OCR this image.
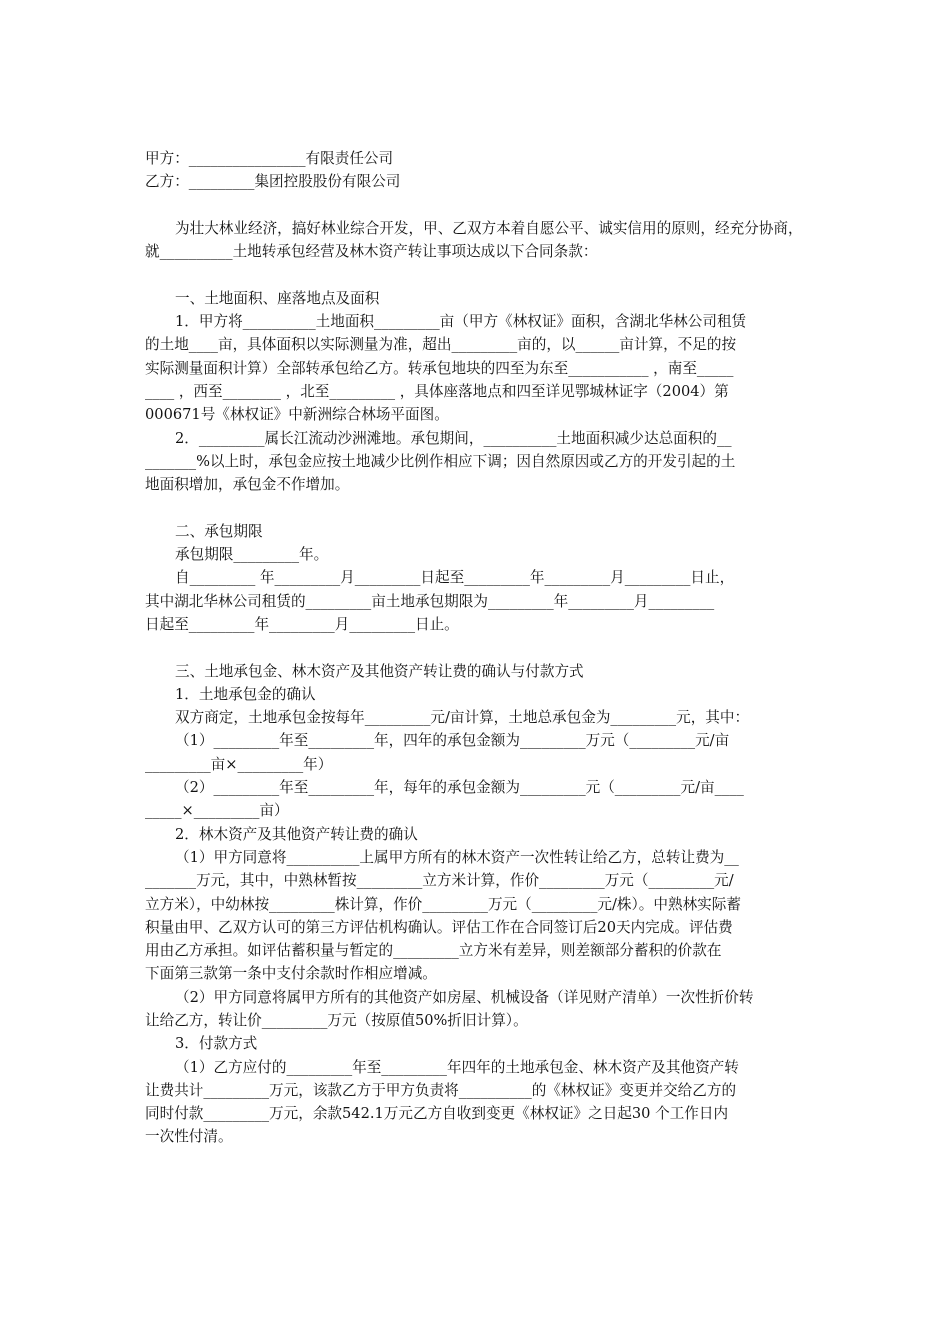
甲方：________________有限责任公司

乙方：_________集团控股股份有限公司

为壮大林业经济，搞好林业综合开发，甲、乙双方本着自愿公平、诚实信用的原则，经充分协商，就__________土地转承包经营及林木资产转让事项达成以下合同条款：

一、土地面积、座落地点及面积

1．甲方将__________土地面积_________亩（甲方《林权证》面积，含湖北华林公司租赁
的土地____亩，具体面积以实际测量为准，超出_________亩的，以______亩计算，不足的按
实际测量面积计算）全部转承包给乙方。转承包地块的四至为东至___________ ，南至_____
____ ，西至________ ，北至_________ ，具体座落地点和四至详见鄂城林证字（2004）第
000671号《林权证》中新洲综合林场平面图。
2．_________属长江流动沙洲滩地。承包期间，__________土地面积减少达总面积的__
_______%以上时，承包金应按土地减少比例作相应下调；因自然原因或乙方的开发引起的土
地面积增加，承包金不作增加。

二、承包期限

承包期限_________年。

自_________ 年_________月_________日起至_________年_________月_________日止，
其中湖北华林公司租赁的_________亩土地承包期限为_________年_________月_________
日起至_________年_________月_________日止。

三、土地承包金、林木资产及其他资产转让费的确认与付款方式

1．土地承包金的确认

双方商定，土地承包金按每年_________元/亩计算，土地总承包金为_________元，其中：
（1）_________年至_________年，四年的承包金额为_________万元（_________元/亩
_________亩×_________年）
（2）_________年至_________年，每年的承包金额为_________元（_________元/亩____
_____×_________亩）

2．林木资产及其他资产转让费的确认

（1）甲方同意将__________上属甲方所有的林木资产一次性转让给乙方，总转让费为__
_______万元，其中，中熟林暂按_________立方米计算，作价_________万元（_________元/
立方米），中幼林按_________株计算，作价_________万元（_________元/株）。中熟林实际蓄
积量由甲、乙双方认可的第三方评估机构确认。评估工作在合同签订后20天内完成。评估费
用由乙方承担。如评估蓄积量与暂定的_________立方米有差异，则差额部分蓄积的价款在
下面第三款第一条中支付余款时作相应增减。
（2）甲方同意将属甲方所有的其他资产如房屋、机械设备（详见财产清单）一次性折价转
让给乙方，转让价_________万元（按原值50%折旧计算）。

3．付款方式

（1）乙方应付的_________年至_________年四年的土地承包金、林木资产及其他资产转
让费共计_________万元，该款乙方于甲方负责将__________的《林权证》变更并交给乙方的
同时付款_________万元，余款542.1万元乙方自收到变更《林权证》之日起30 个工作日内
一次性付清。
